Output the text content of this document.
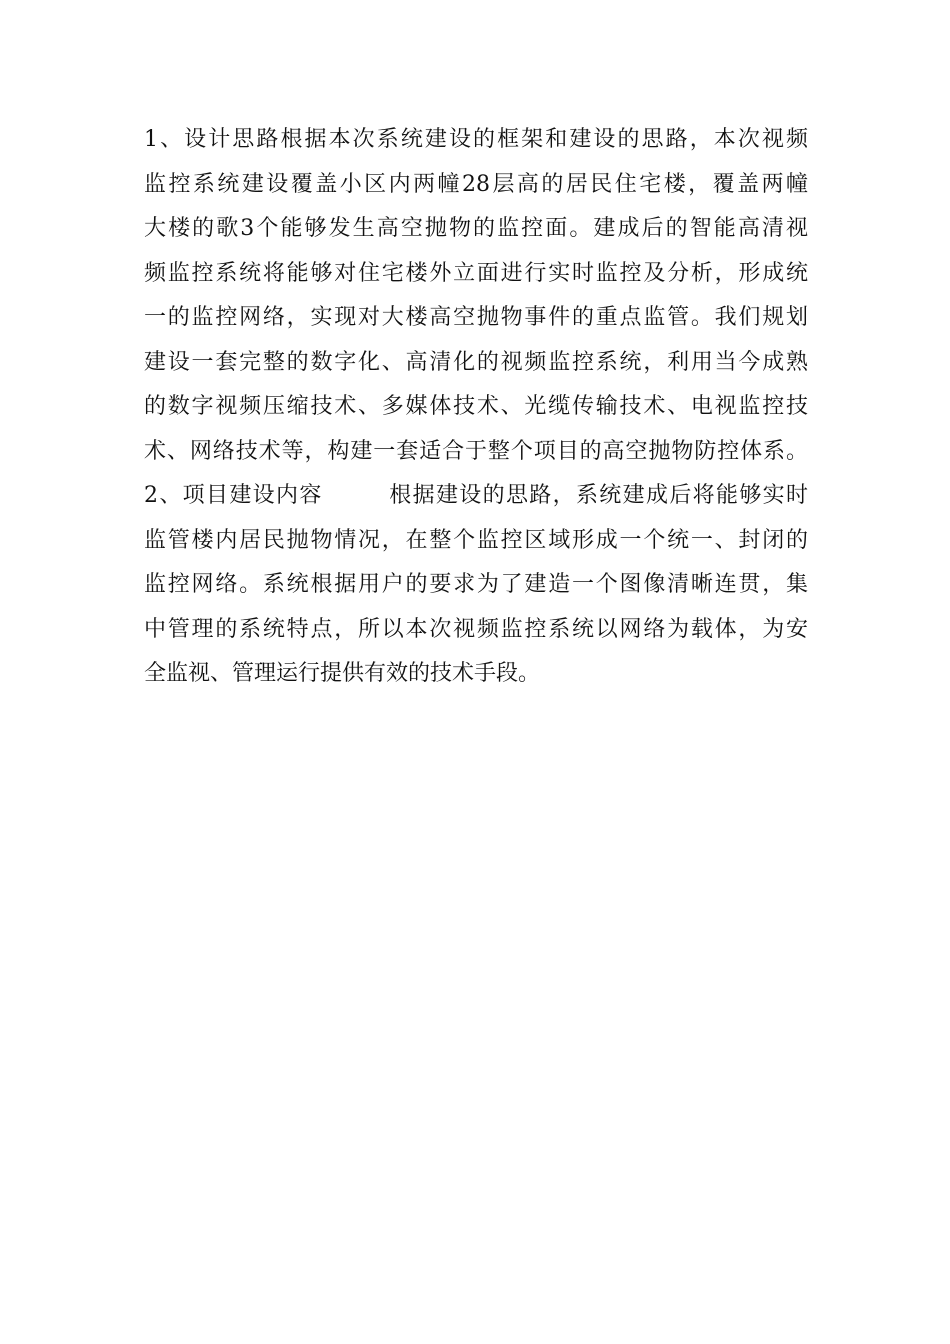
1、设计思路根据本次系统建设的框架和建设的思路，本次视频
监控系统建设覆盖小区内两幢28层高的居民住宅楼，覆盖两幢
大楼的歌3个能够发生高空抛物的监控面。建成后的智能高清视
频监控系统将能够对住宅楼外立面进行实时监控及分析，形成统
一的监控网络，实现对大楼高空抛物事件的重点监管。我们规划
建设一套完整的数字化、高清化的视频监控系统，利用当今成熟
的数字视频压缩技术、多媒体技术、光缆传输技术、电视监控技
术、网络技术等，构建一套适合于整个项目的高空抛物防控体系。
2、项目建设内容        根据建设的思路，系统建成后将能够实时
监管楼内居民抛物情况，在整个监控区域形成一个统一、封闭的
监控网络。系统根据用户的要求为了建造一个图像清晰连贯，集
中管理的系统特点，所以本次视频监控系统以网络为载体，为安
全监视、管理运行提供有效的技术手段。
